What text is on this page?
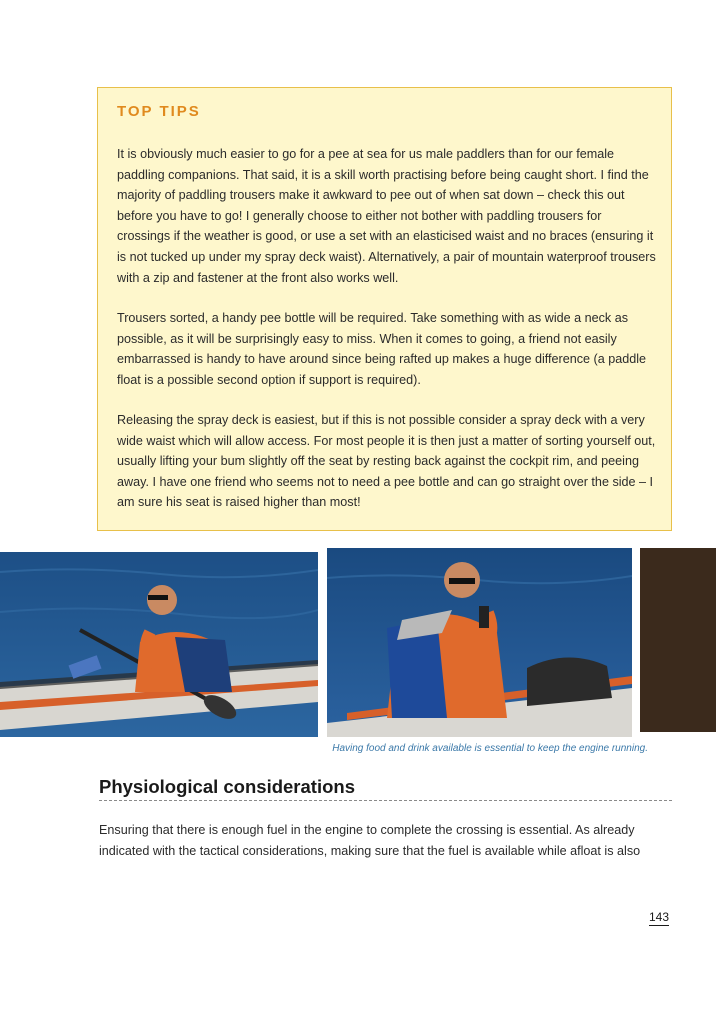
TOP TIPS

It is obviously much easier to go for a pee at sea for us male paddlers than for our female paddling companions. That said, it is a skill worth practising before being caught short. I find the majority of paddling trousers make it awkward to pee out of when sat down – check this out before you have to go! I generally choose to either not bother with paddling trousers for crossings if the weather is good, or use a set with an elasticised waist and no braces (ensuring it is not tucked up under my spray deck waist). Alternatively, a pair of mountain waterproof trousers with a zip and fastener at the front also works well.

Trousers sorted, a handy pee bottle will be required. Take something with as wide a neck as possible, as it will be surprisingly easy to miss. When it comes to going, a friend not easily embarrassed is handy to have around since being rafted up makes a huge difference (a paddle float is a possible second option if support is required).

Releasing the spray deck is easiest, but if this is not possible consider a spray deck with a very wide waist which will allow access. For most people it is then just a matter of sorting yourself out, usually lifting your bum slightly off the seat by resting back against the cockpit rim, and peeing away. I have one friend who seems not to need a pee bottle and can go straight over the side – I am sure his seat is raised higher than most!

Having food and drink available is essential to keep the engine running.
Physiological considerations

Ensuring that there is enough fuel in the engine to complete the crossing is essential. As already indicated with the tactical considerations, making sure that the fuel is available while afloat is also

143
